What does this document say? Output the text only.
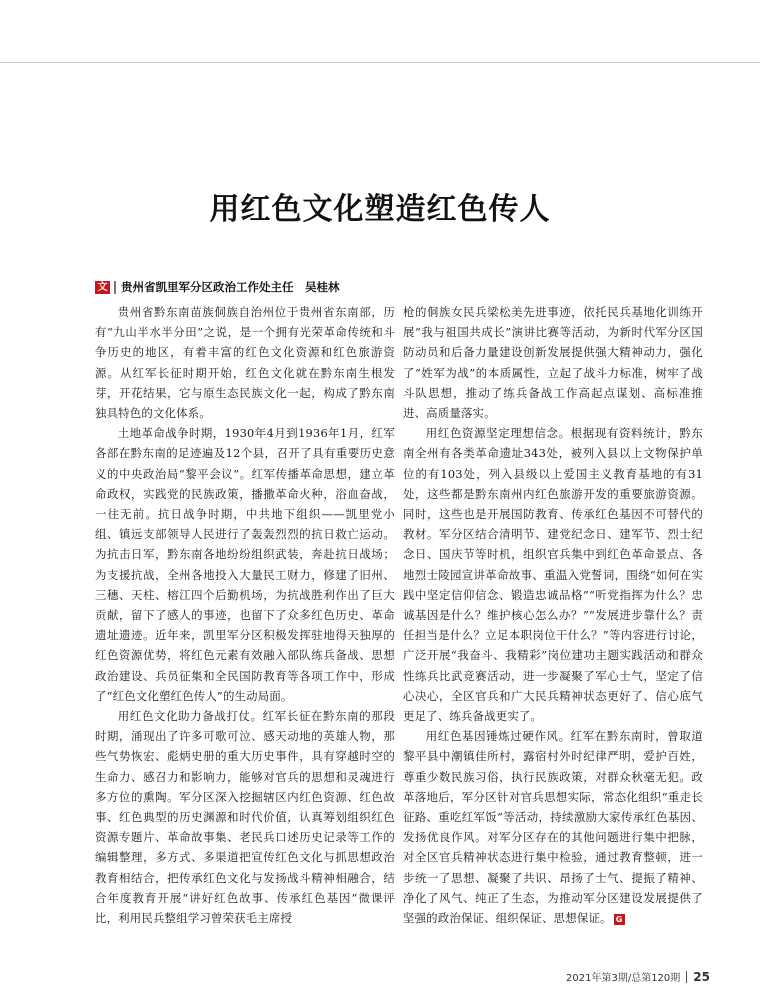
用红色文化塑造红色传人
文 贵州省凯里军分区政治工作处主任　吴桂林

贵州省黔东南苗族侗族自治州位于贵州省东南部，历有“九山半水半分田”之说，是一个拥有光荣革命传统和斗争历史的地区，有着丰富的红色文化资源和红色旅游资源。从红军长征时期开始，红色文化就在黔东南生根发芽，开花结果，它与原生态民族文化一起，构成了黔东南独具特色的文化体系。

土地革命战争时期，1930年4月到1936年1月，红军各部在黔东南的足迹遍及12个县，召开了具有重要历史意义的中央政治局“黎平会议”。红军传播革命思想，建立革命政权，实践党的民族政策，播撒革命火种，浴血奋战，一往无前。抗日战争时期，中共地下组织——凯里党小组、镇远支部领导人民进行了轰轰烈烈的抗日救亡运动。为抗击日军，黔东南各地纷纷组织武装，奔赴抗日战场；为支援抗战，全州各地投入大量民工财力，修建了旧州、三穗、天柱、榕江四个后勤机场，为抗战胜利作出了巨大贡献，留下了感人的事迹，也留下了众多红色历史、革命遗址遗迹。近年来，凯里军分区积极发挥驻地得天独厚的红色资源优势，将红色元素有效融入部队练兵备战、思想政治建设、兵员征集和全民国防教育等各项工作中，形成了“红色文化塑红色传人”的生动局面。

用红色文化助力备战打仗。红军长征在黔东南的那段时期，涌现出了许多可歌可泣、感天动地的英雄人物，那些气势恢宏、彪炳史册的重大历史事件，具有穿越时空的生命力、感召力和影响力，能够对官兵的思想和灵魂进行多方位的熏陶。军分区深入挖掘辖区内红色资源、红色故事、红色典型的历史渊源和时代价值，认真筹划组织红色资源专题片、革命故事集、老民兵口述历史记录等工作的编辑整理，多方式、多渠道把宣传红色文化与抓思想政治教育相结合，把传承红色文化与发扬战斗精神相融合，结合年度教育开展“讲好红色故事、传承红色基因”微课评比，利用民兵整组学习曾荣获毛主席授

枪的侗族女民兵梁松美先进事迹，依托民兵基地化训练开展“我与祖国共成长”演讲比赛等活动，为新时代军分区国防动员和后备力量建设创新发展提供强大精神动力，强化了“姓军为战”的本质属性，立起了战斗力标准，树牢了战斗队思想，推动了练兵备战工作高起点谋划、高标准推进、高质量落实。

用红色资源坚定理想信念。根据现有资料统计，黔东南全州有各类革命遗址343处，被列入县以上文物保护单位的有103处，列入县级以上爱国主义教育基地的有31处，这些都是黔东南州内红色旅游开发的重要旅游资源。同时，这些也是开展国防教育、传承红色基因不可替代的教材。军分区结合清明节、建党纪念日、建军节、烈士纪念日、国庆节等时机，组织官兵集中到红色革命景点、各地烈士陵园宣讲革命故事、重温入党誓词，围绕“如何在实践中坚定信仰信念、锻造忠诚品格”“听党指挥为什么？忠诚基因是什么？维护核心怎么办？”“发展进步靠什么？责任担当是什么？立足本职岗位干什么？”等内容进行讨论，广泛开展“我奋斗、我精彩”岗位建功主题实践活动和群众性练兵比武竞赛活动，进一步凝聚了军心士气，坚定了信心决心，全区官兵和广大民兵精神状态更好了、信心底气更足了、练兵备战更实了。

用红色基因锤炼过硬作风。红军在黔东南时，曾取道黎平县中潮镇佳所村，露宿村外时纪律严明，爱护百姓，尊重少数民族习俗，执行民族政策，对群众秋毫无犯。政革落地后，军分区针对官兵思想实际，常态化组织“重走长征路、重吃红军饭”等活动，持续激励大家传承红色基因、发扬优良作风。对军分区存在的其他问题进行集中把脉，对全区官兵精神状态进行集中检验，通过教育整顿，进一步统一了思想、凝聚了共识、昂扬了士气、提振了精神、净化了风气、纯正了生态，为推动军分区建设发展提供了坚强的政治保证、组织保证、思想保证。 G

2021年第3期/总第120期 25
